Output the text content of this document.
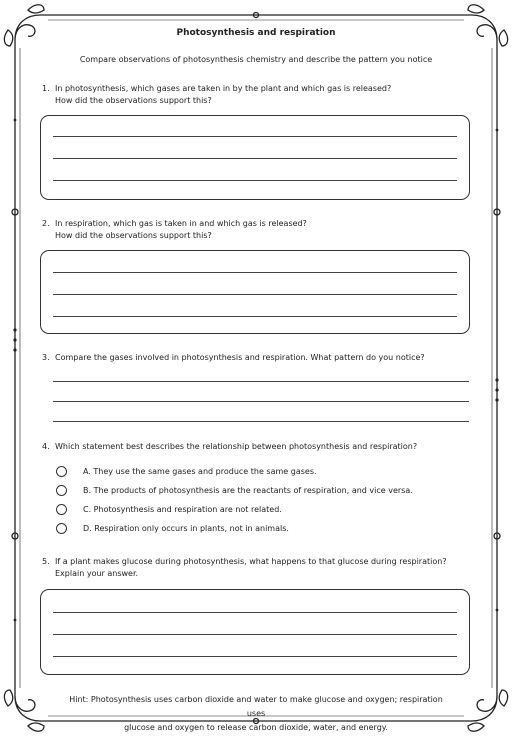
Photosynthesis and respiration
Compare observations of photosynthesis chemistry and describe the pattern you notice
1. In photosynthesis, which gases are taken in by the plant and which gas is released?
How did the observations support this?
2. In respiration, which gas is taken in and which gas is released?
How did the observations support this?
3. Compare the gases involved in photosynthesis and respiration. What pattern do you notice?
4. Which statement best describes the relationship between photosynthesis and respiration?
A. They use the same gases and produce the same gases.
B. The products of photosynthesis are the reactants of respiration, and vice versa.
C. Photosynthesis and respiration are not related.
D. Respiration only occurs in plants, not in animals.
5. If a plant makes glucose during photosynthesis, what happens to that glucose during respiration?
Explain your answer.
Hint: Photosynthesis uses carbon dioxide and water to make glucose and oxygen; respiration uses
glucose and oxygen to release carbon dioxide, water, and energy.
